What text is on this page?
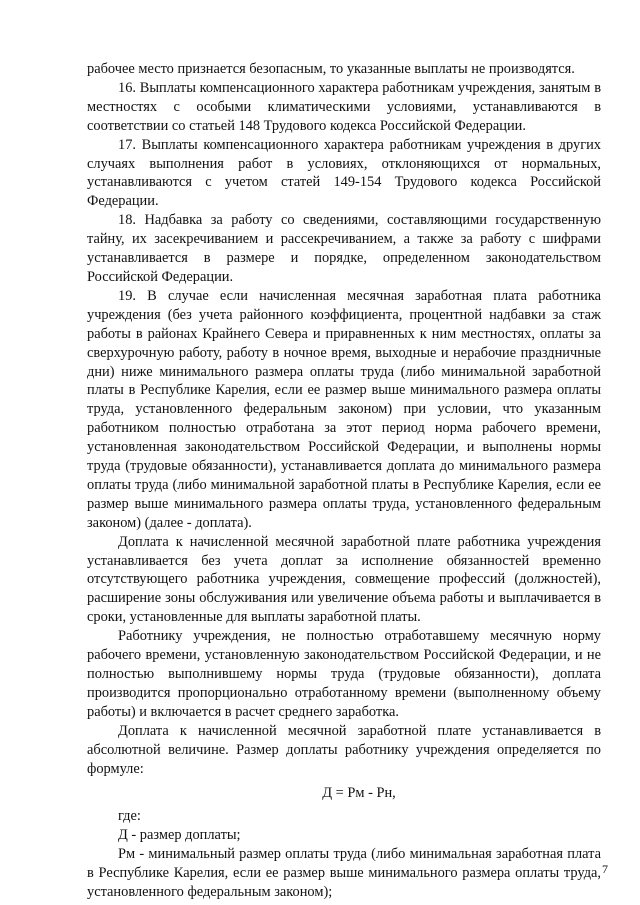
рабочее место признается безопасным, то указанные выплаты не производятся.

16. Выплаты компенсационного характера работникам учреждения, занятым в местностях с особыми климатическими условиями, устанавливаются в соответствии со статьей 148 Трудового кодекса Российской Федерации.

17. Выплаты компенсационного характера работникам учреждения в других случаях выполнения работ в условиях, отклоняющихся от нормальных, устанавливаются с учетом статей 149-154 Трудового кодекса Российской Федерации.

18. Надбавка за работу со сведениями, составляющими государственную тайну, их засекречиванием и рассекречиванием, а также за работу с шифрами устанавливается в размере и порядке, определенном законодательством Российской Федерации.

19. В случае если начисленная месячная заработная плата работника учреждения (без учета районного коэффициента, процентной надбавки за стаж работы в районах Крайнего Севера и приравненных к ним местностях, оплаты за сверхурочную работу, работу в ночное время, выходные и нерабочие праздничные дни) ниже минимального размера оплаты труда (либо минимальной заработной платы в Республике Карелия, если ее размер выше минимального размера оплаты труда, установленного федеральным законом) при условии, что указанным работником полностью отработана за этот период норма рабочего времени, установленная законодательством Российской Федерации, и выполнены нормы труда (трудовые обязанности), устанавливается доплата до минимального размера оплаты труда (либо минимальной заработной платы в Республике Карелия, если ее размер выше минимального размера оплаты труда, установленного федеральным законом) (далее - доплата).

Доплата к начисленной месячной заработной плате работника учреждения устанавливается без учета доплат за исполнение обязанностей временно отсутствующего работника учреждения, совмещение профессий (должностей), расширение зоны обслуживания или увеличение объема работы и выплачивается в сроки, установленные для выплаты заработной платы.

Работнику учреждения, не полностью отработавшему месячную норму рабочего времени, установленную законодательством Российской Федерации, и не полностью выполнившему нормы труда (трудовые обязанности), доплата производится пропорционально отработанному времени (выполненному объему работы) и включается в расчет среднего заработка.

Доплата к начисленной месячной заработной плате устанавливается в абсолютной величине. Размер доплаты работнику учреждения определяется по формуле:

Д = Рм - Рн,

где:

Д - размер доплаты;

Рм - минимальный размер оплаты труда (либо минимальная заработная плата в Республике Карелия, если ее размер выше минимального размера оплаты труда, установленного федеральным законом);

7
